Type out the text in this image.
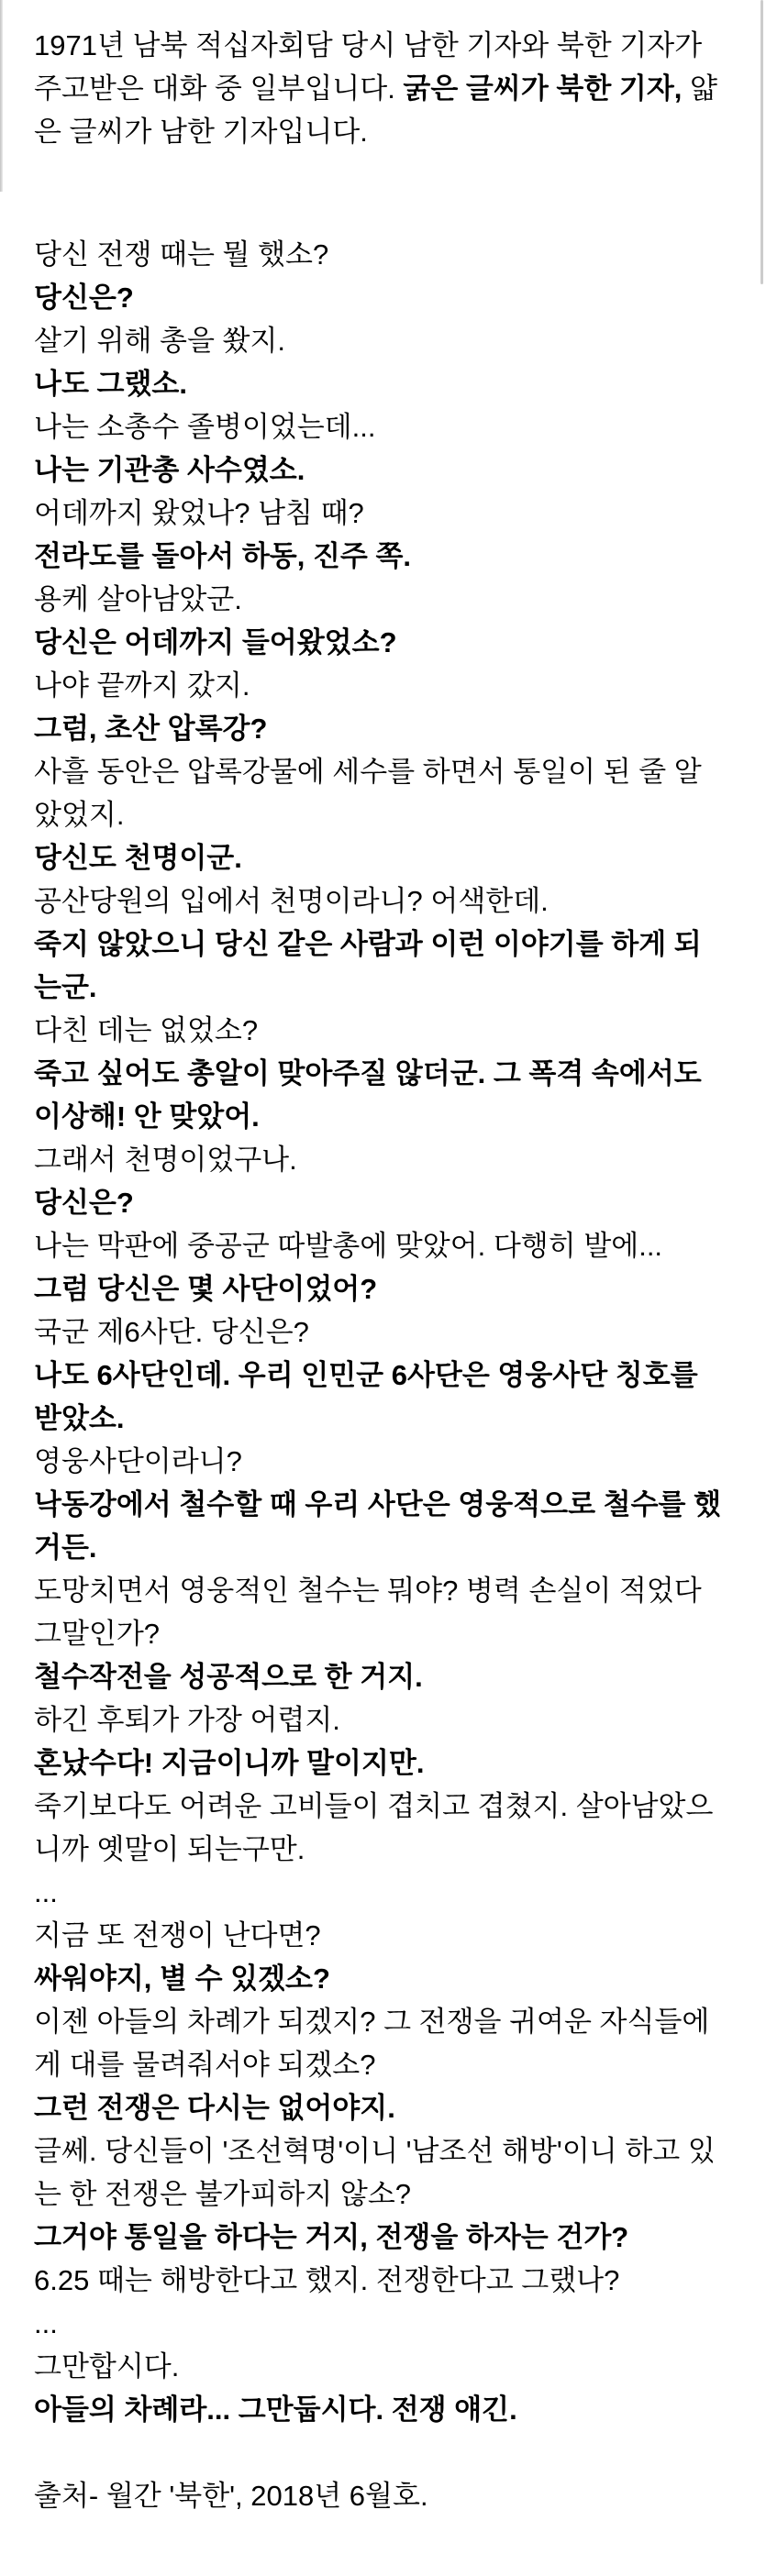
1971년 남북 적십자회담 당시 남한 기자와 북한 기자가 주고받은 대화 중 일부입니다. 굵은 글씨가 북한 기자, 얇은 글씨가 남한 기자입니다.

당신 전쟁 때는 뭘 했소?

당신은?

살기 위해 총을 쐈지.

나도 그랬소.

나는 소총수 졸병이었는데...

나는 기관총 사수였소.

어데까지 왔었나? 남침 때?

전라도를 돌아서 하동, 진주 쪽.

용케 살아남았군.

당신은 어데까지 들어왔었소?

나야 끝까지 갔지.

그럼, 초산 압록강?

사흘 동안은 압록강물에 세수를 하면서 통일이 된 줄 알았었지.

당신도 천명이군.

공산당원의 입에서 천명이라니? 어색한데.

죽지 않았으니 당신 같은 사람과 이런 이야기를 하게 되는군.

다친 데는 없었소?

죽고 싶어도 총알이 맞아주질 않더군. 그 폭격 속에서도 이상해! 안 맞았어.

그래서 천명이었구나.

당신은?

나는 막판에 중공군 따발총에 맞았어. 다행히 발에...

그럼 당신은 몇 사단이었어?

국군 제6사단. 당신은?

나도 6사단인데. 우리 인민군 6사단은 영웅사단 칭호를 받았소.

영웅사단이라니?

낙동강에서 철수할 때 우리 사단은 영웅적으로 철수를 했거든.

도망치면서 영웅적인 철수는 뭐야? 병력 손실이 적었다 그말인가?

철수작전을 성공적으로 한 거지.

하긴 후퇴가 가장 어렵지.

혼났수다! 지금이니까 말이지만.

죽기보다도 어려운 고비들이 겹치고 겹쳤지. 살아남았으니까 옛말이 되는구만.

...

지금 또 전쟁이 난다면?

싸워야지, 별 수 있겠소?

이젠 아들의 차례가 되겠지? 그 전쟁을 귀여운 자식들에게 대를 물려줘서야 되겠소?

그런 전쟁은 다시는 없어야지.

글쎄. 당신들이 '조선혁명'이니 '남조선 해방'이니 하고 있는 한 전쟁은 불가피하지 않소?

그거야 통일을 하다는 거지, 전쟁을 하자는 건가?

6.25 때는 해방한다고 했지. 전쟁한다고 그랬나?

...

그만합시다.

아들의 차례라... 그만둡시다. 전쟁 얘긴.

출처- 월간 '북한', 2018년 6월호.
